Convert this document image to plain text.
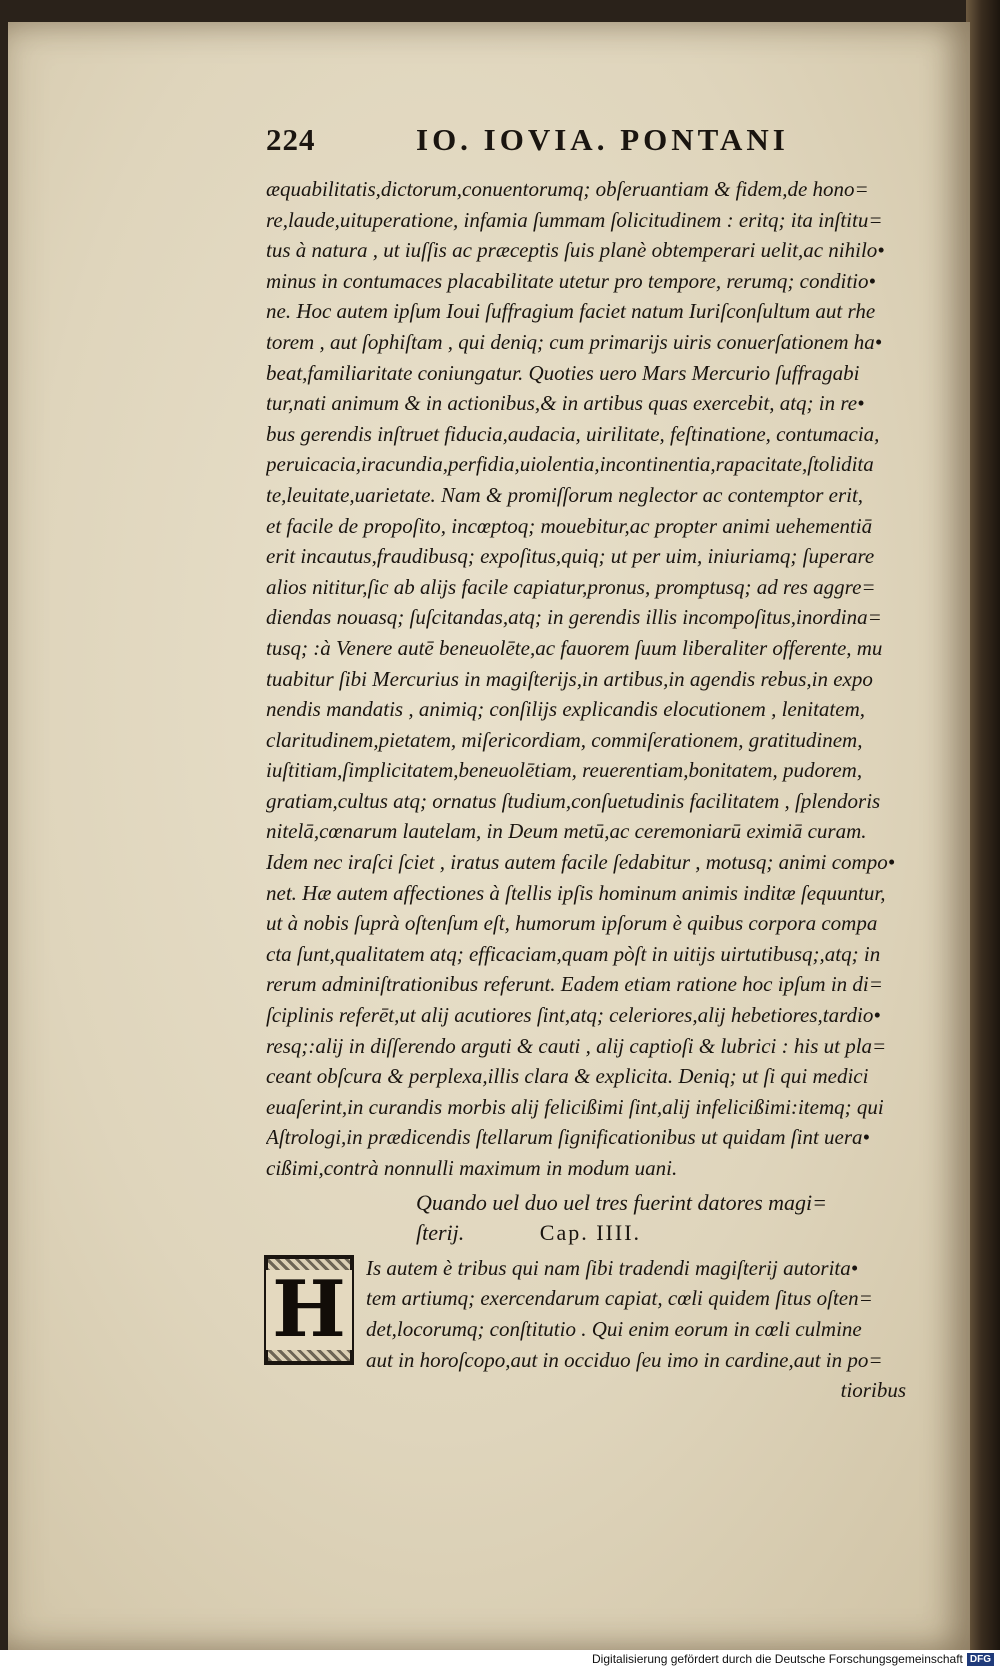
224	IO. IOVIA. PONTANI
æquabilitatis,dictorum,conuentorumq; obſeruantiam & fidem,de hono=
re,laude,uituperatione, infamia ſummam ſolicitudinem : eritq; ita inſtitu=
tus à natura , ut iuſſis ac præceptis ſuis planè obtemperari uelit,ac nihilo•
minus in contumaces placabilitate utetur pro tempore, rerumq; conditio•
ne. Hoc autem ipſum Ioui ſuffragium faciet natum Iuriſconſultum aut rhe
torem , aut ſophiſtam , qui deniq; cum primarijs uiris conuerſationem ha•
beat,familiaritate coniungatur. Quoties uero Mars Mercurio ſuffragabi
tur,nati animum & in actionibus,& in artibus quas exercebit, atq; in re•
bus gerendis inſtruet fiducia,audacia, uirilitate, feſtinatione, contumacia,
peruicacia,iracundia,perfidia,uiolentia,incontinentia,rapacitate,ſtolidita
te,leuitate,uarietate. Nam & promiſſorum neglector ac contemptor erit,
et facile de propoſito, incœptoq; mouebitur,ac propter animi uehementiā
erit incautus,fraudibusq; expoſitus,quiq; ut per uim, iniuriamq; ſuperare
alios nititur,ſic ab alijs facile capiatur,pronus, promptusq; ad res aggre=
diendas nouasq; ſuſcitandas,atq; in gerendis illis incompoſitus,inordina=
tusq; :à Venere autē beneuolēte,ac fauorem ſuum liberaliter offerente, mu
tuabitur ſibi Mercurius in magiſterijs,in artibus,in agendis rebus,in expo
nendis mandatis , animiq; conſilijs explicandis elocutionem , lenitatem,
claritudinem,pietatem, miſericordiam, commiſerationem, gratitudinem,
iuſtitiam,ſimplicitatem,beneuolētiam, reuerentiam,bonitatem, pudorem,
gratiam,cultus atq; ornatus ſtudium,conſuetudinis facilitatem , ſplendoris
nitelā,cœnarum lautelam, in Deum metū,ac ceremoniarū eximiā curam.
Idem nec iraſci ſciet , iratus autem facile ſedabitur , motusq; animi compo•
net. Hæ autem affectiones à ſtellis ipſis hominum animis inditæ ſequuntur,
ut à nobis ſuprà oſtenſum eſt, humorum ipſorum è quibus corpora compa
cta ſunt,qualitatem atq; efficaciam,quam pòſt in uitijs uirtutibusq;,atq; in
rerum adminiſtrationibus referunt. Eadem etiam ratione hoc ipſum in di=
ſciplinis referēt,ut alij acutiores ſint,atq; celeriores,alij hebetiores,tardio•
resq;:alij in diſſerendo arguti & cauti , alij captioſi & lubrici : his ut pla=
ceant obſcura & perplexa,illis clara & explicita. Deniq; ut ſi qui medici
euaſerint,in curandis morbis alij felicißimi ſint,alij infelicißimi:itemq; qui
Aſtrologi,in prædicendis ſtellarum ſignificationibus ut quidam ſint uera•
cißimi,contrà nonnulli maximum in modum uani.
Quando uel duo uel tres fuerint datores magi=
ſterij.	Cap. IIII.
H Is autem è tribus qui nam ſibi tradendi magiſterij autorita•
tem artiumq; exercendarum capiat, cœli quidem ſitus oſten=
det,locorumq; conſtitutio . Qui enim eorum in cœli culmine
aut in horoſcopo,aut in occiduo ſeu imo in cardine,aut in po=
tioribus
Digitalisierung gefördert durch die Deutsche Forschungsgemeinschaft DFG
